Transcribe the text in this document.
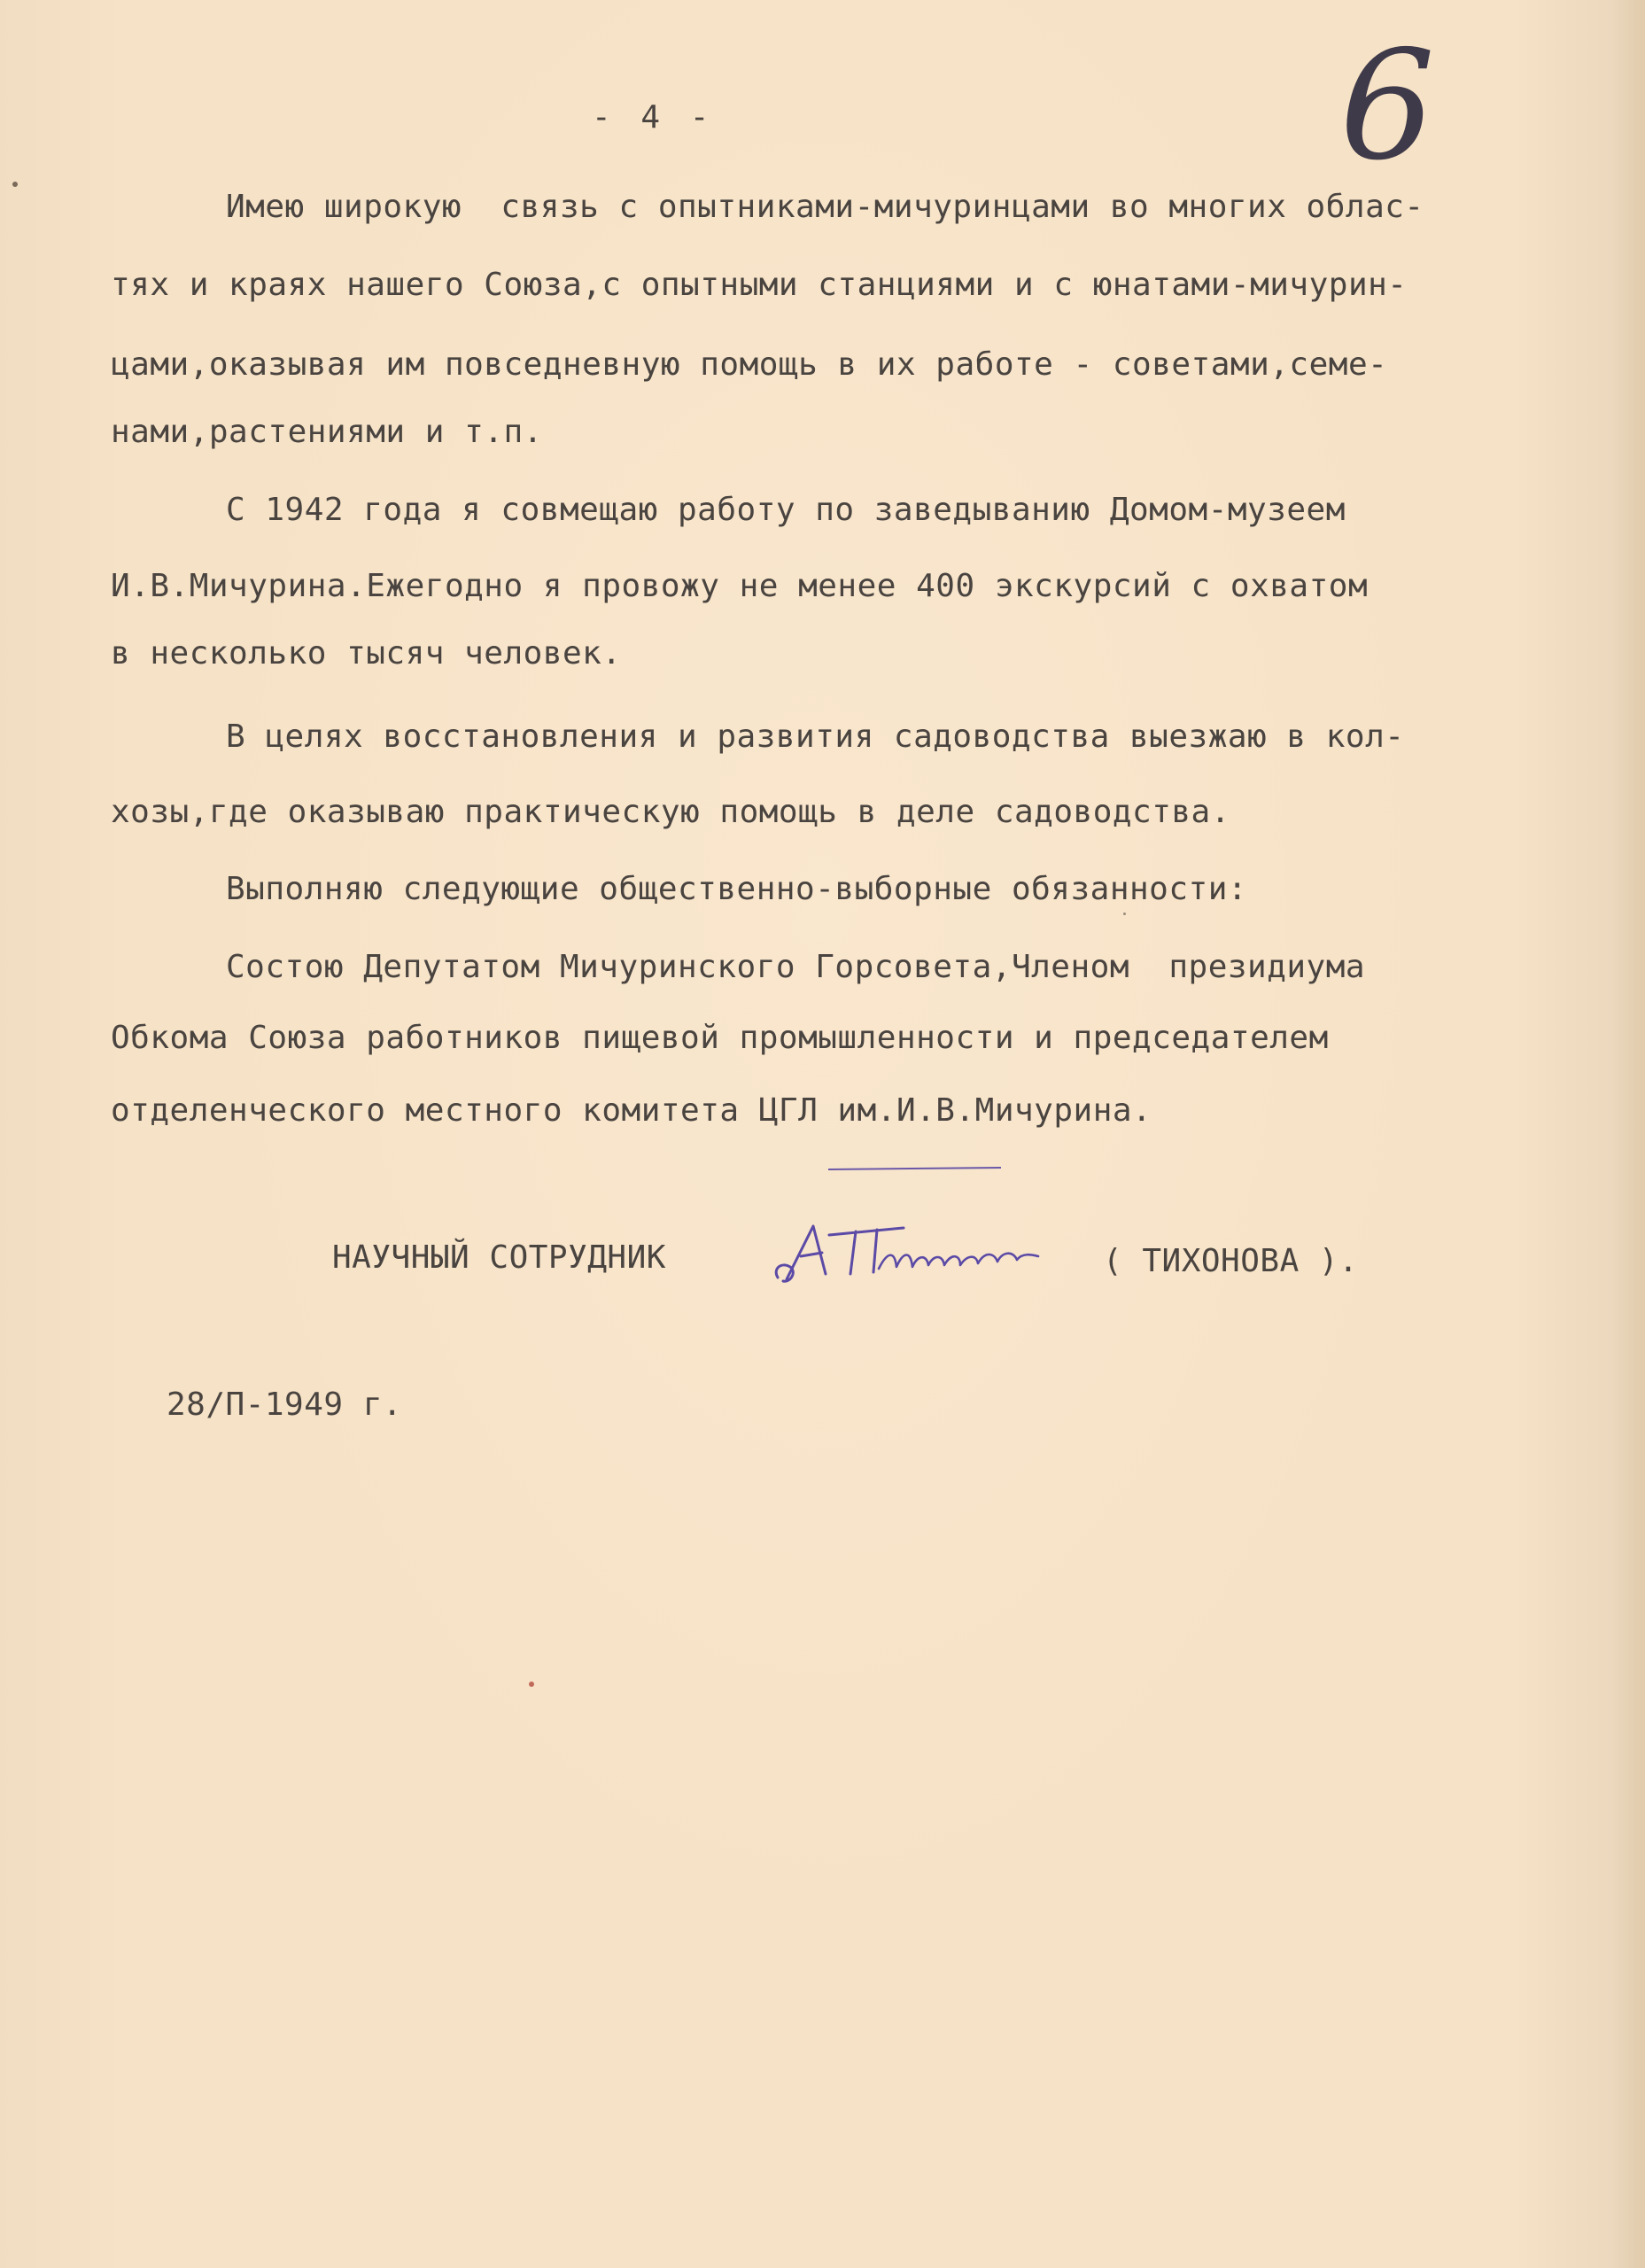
- 4 -	6

Имею широкую  связь с опытниками-мичуринцами во многих облас-

тях и краях нашего Союза,с опытными станциями и с юнатами-мичурин-

цами,оказывая им повседневную помощь в их работе - советами,семе-

нами,растениями и т.п.

С 1942 года я совмещаю работу по заведыванию Домом-музеем

И.В.Мичурина.Ежегодно я провожу не менее 400 экскурсий с охватом

в несколько тысяч человек.

В целях восстановления и развития садоводства выезжаю в кол-

хозы,где оказываю практическую помощь в деле садоводства.

Выполняю следующие общественно-выборные обязанности:

Состою Депутатом Мичуринского Горсовета,Членом  президиума

Обкома Союза работников пищевой промышленности и председателем

отделенческого местного комитета ЦГЛ им.И.В.Мичурина.

НАУЧНЫЙ СОТРУДНИК	( ТИХОНОВА ).

28/П-1949 г.
